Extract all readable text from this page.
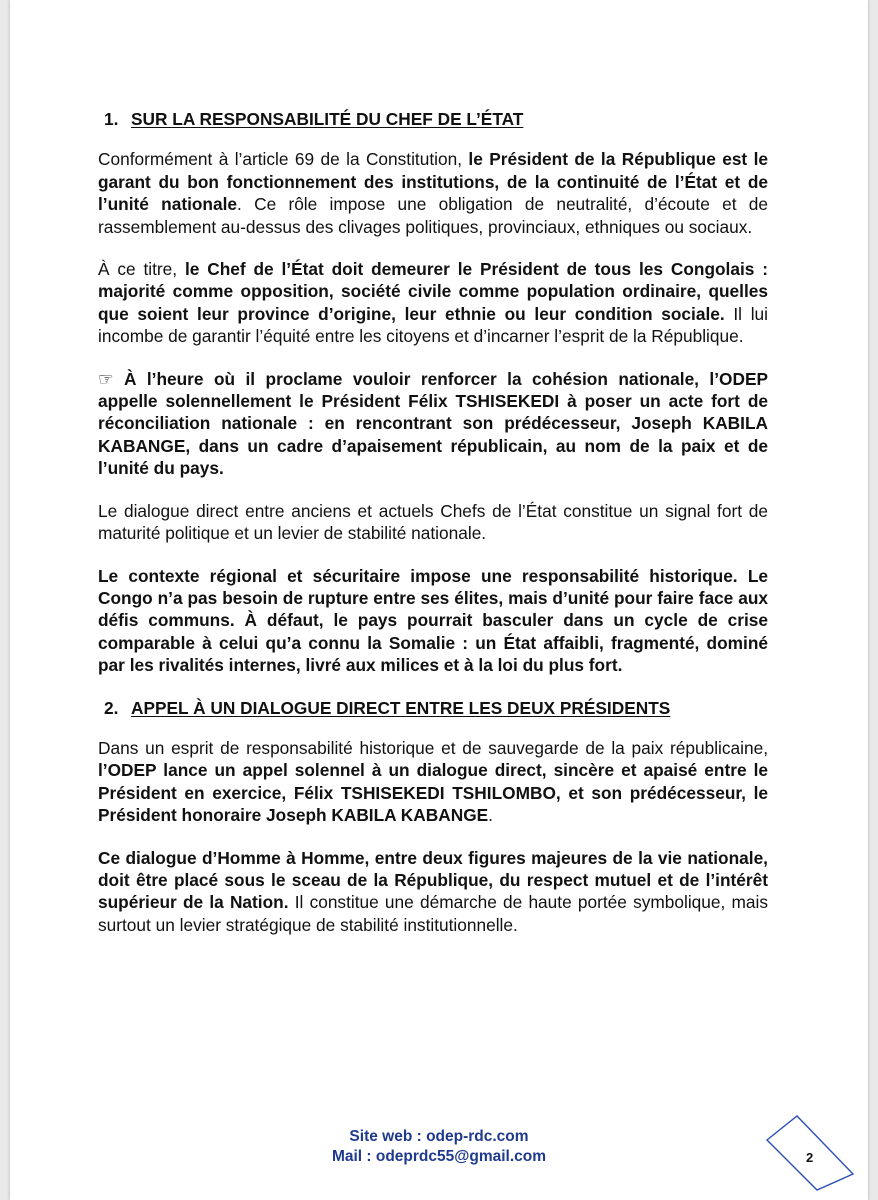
1. SUR LA RESPONSABILITÉ DU CHEF DE L’ÉTAT

Conformément à l’article 69 de la Constitution, le Président de la République est le garant du bon fonctionnement des institutions, de la continuité de l’État et de l’unité nationale. Ce rôle impose une obligation de neutralité, d’écoute et de rassemblement au-dessus des clivages politiques, provinciaux, ethniques ou sociaux.

À ce titre, le Chef de l’État doit demeurer le Président de tous les Congolais : majorité comme opposition, société civile comme population ordinaire, quelles que soient leur province d’origine, leur ethnie ou leur condition sociale. Il lui incombe de garantir l’équité entre les citoyens et d’incarner l’esprit de la République.

☞ À l’heure où il proclame vouloir renforcer la cohésion nationale, l’ODEP appelle solennellement le Président Félix TSHISEKEDI à poser un acte fort de réconciliation nationale : en rencontrant son prédécesseur, Joseph KABILA KABANGE, dans un cadre d’apaisement républicain, au nom de la paix et de l’unité du pays.

Le dialogue direct entre anciens et actuels Chefs de l’État constitue un signal fort de maturité politique et un levier de stabilité nationale.

Le contexte régional et sécuritaire impose une responsabilité historique. Le Congo n’a pas besoin de rupture entre ses élites, mais d’unité pour faire face aux défis communs. À défaut, le pays pourrait basculer dans un cycle de crise comparable à celui qu’a connu la Somalie : un État affaibli, fragmenté, dominé par les rivalités internes, livré aux milices et à la loi du plus fort.

2. APPEL À UN DIALOGUE DIRECT ENTRE LES DEUX PRÉSIDENTS

Dans un esprit de responsabilité historique et de sauvegarde de la paix républicaine, l’ODEP lance un appel solennel à un dialogue direct, sincère et apaisé entre le Président en exercice, Félix TSHISEKEDI TSHILOMBO, et son prédécesseur, le Président honoraire Joseph KABILA KABANGE.

Ce dialogue d’Homme à Homme, entre deux figures majeures de la vie nationale, doit être placé sous le sceau de la République, du respect mutuel et de l’intérêt supérieur de la Nation. Il constitue une démarche de haute portée symbolique, mais surtout un levier stratégique de stabilité institutionnelle.

Site web : odep-rdc.com
Mail : odeprdc55@gmail.com	2
